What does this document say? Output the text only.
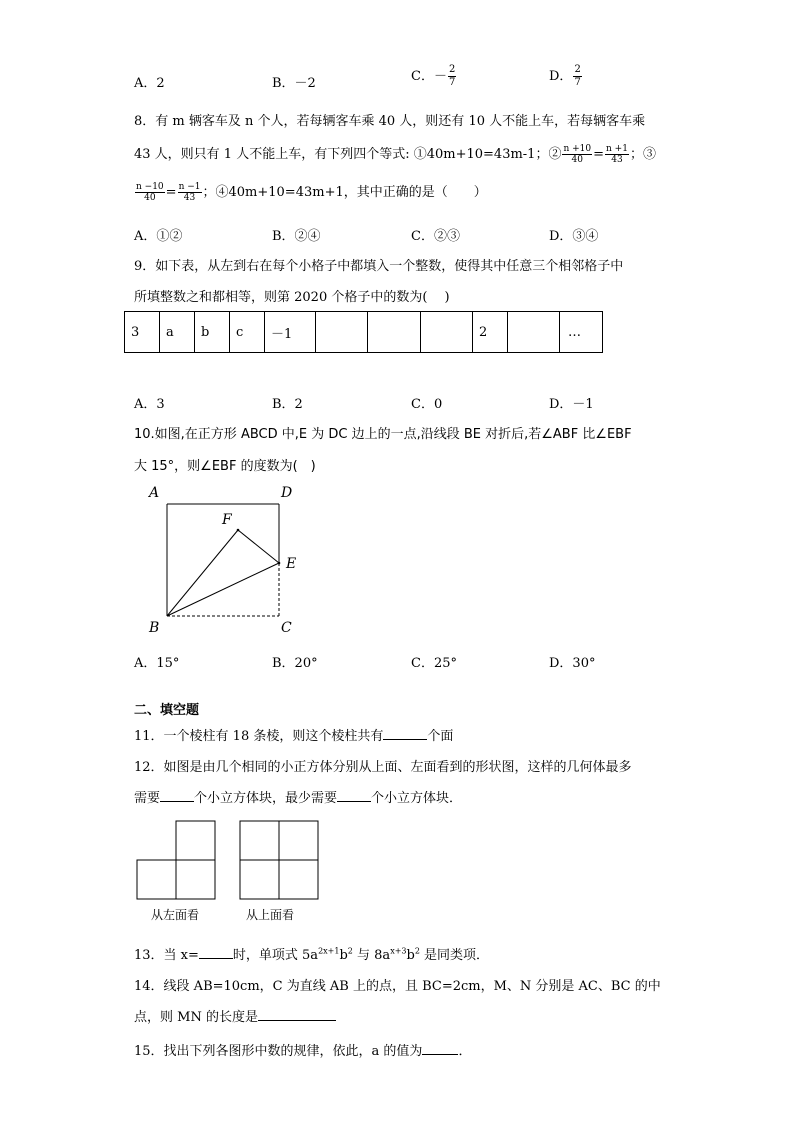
A．2	B．－2	C．－ $\frac{2}{7}$	D． $\frac{2}{7}$
8．有 m 辆客车及 n 个人，若每辆客车乘 40 人，则还有 10 人不能上车，若每辆客车乘
43 人，则只有 1 人不能上车，有下列四个等式: ①40m+10=43m-1；② $\frac{n +10}{40} = \frac{n +1}{43}$ ；③
$\frac{n -10}{40} = \frac{n -1}{43}$ ；④40m+10=43m+1，其中正确的是（　　）
A．①②	B．②④	C．②③	D．③④
9．如下表，从左到右在每个小格子中都填入一个整数，使得其中任意三个相邻格子中
所填整数之和都相等，则第 2020 个格子中的数为(　 )
3	a	b	c	－1				2		…
A．3	B．2	C．0	D．－1
10.如图,在正方形 ABCD 中,E 为 DC 边上的一点,沿线段 BE 对折后,若∠ABF 比∠EBF
大 15°，则∠EBF 的度数为(　)
A	D
F
E
B	C
A．15°	B．20°	C．25°	D．30°
二、填空题
11．一个棱柱有 18 条棱，则这个棱柱共有	个面
12．如图是由几个相同的小正方体分别从上面、左面看到的形状图，这样的几何体最多
需要	个小立方体块，最少需要	个小立方体块．
从左面看	从上面看
13．当 x=	时，单项式 $5a^{2x+1}b^2$ 与 $8a^{x+3}b^2$ 是同类项．
14．线段 AB=10cm，C 为直线 AB 上的点，且 BC=2cm，M、N 分别是 AC、BC 的中
点，则 MN 的长度是
15．找出下列各图形中数的规律，依此，a 的值为	．
